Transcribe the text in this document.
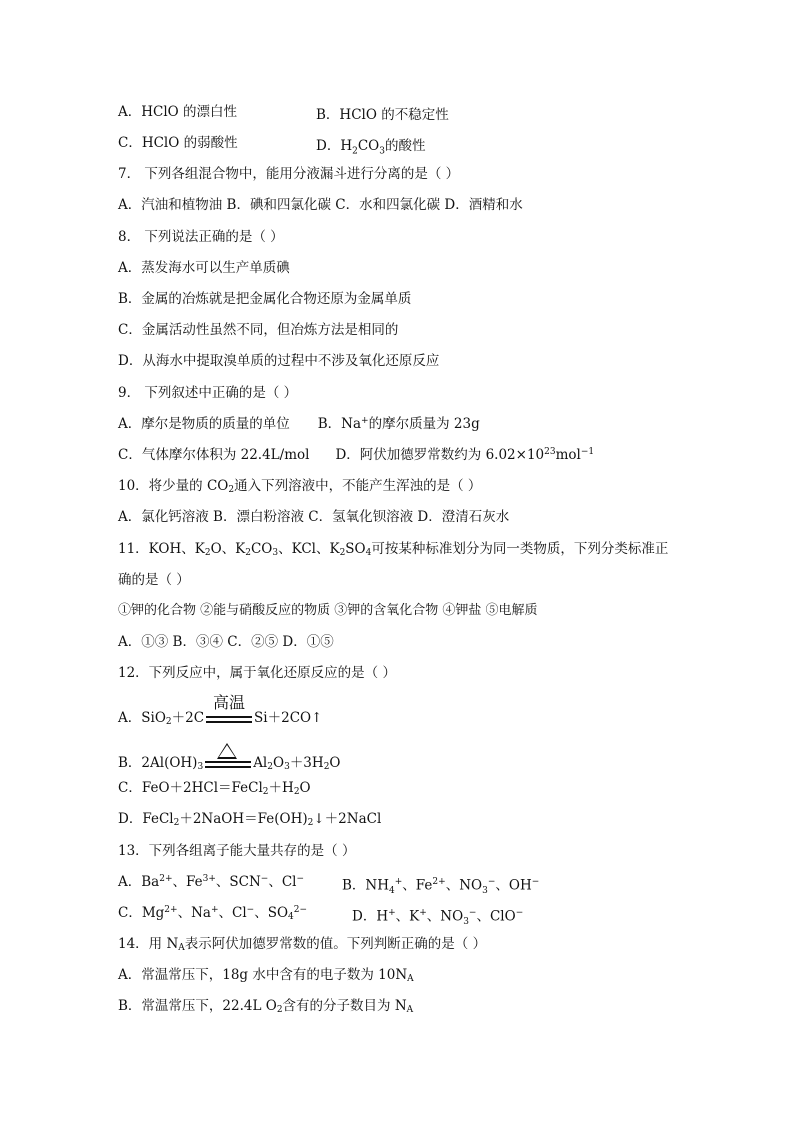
A．HClO 的漂白性	B．HClO 的不稳定性
C．HClO 的弱酸性	D．$H_2CO_3$的酸性
7． 下列各组混合物中，能用分液漏斗进行分离的是（ ）
A．汽油和植物油 B．碘和四氯化碳 C．水和四氯化碳 D．酒精和水
8． 下列说法正确的是（ ）
A．蒸发海水可以生产单质碘
B．金属的冶炼就是把金属化合物还原为金属单质
C．金属活动性虽然不同，但冶炼方法是相同的
D．从海水中提取溴单质的过程中不涉及氧化还原反应
9． 下列叙述中正确的是（ ）
A．摩尔是物质的质量的单位 B．Na+的摩尔质量为 23g
C．气体摩尔体积为 22.4L/mol D．阿伏加德罗常数约为 $6.02\times 10^{23}mol^{-1}$
10．将少量的 $CO_2$通入下列溶液中，不能产生浑浊的是（ ）
A．氯化钙溶液 B．漂白粉溶液 C．氢氧化钡溶液 D．澄清石灰水
11．KOH、$K_2O$、$K_2CO_3$、KCl、$K_2SO_4$可按某种标准划分为同一类物质，下列分类标准正
确的是（ ）
①钾的化合物 ②能与硝酸反应的物质 ③钾的含氧化合物 ④钾盐 ⑤电解质
A．①③ B．③④ C．②⑤ D．①⑤
12．下列反应中，属于氧化还原反应的是（ ）
A．SiO$_2$＋2C
高温
Si＋2CO↑
B．$2Al(OH)_3$	$Al_2O_3+3H_2O$
C．$FeO+2HCl=FeCl_2+H_2O$
D．$FeCl_2+2NaOH=Fe(OH)_2↓+2NaCl$
13．下列各组离子能大量共存的是（ ）
A．$Ba^{2+}$、$Fe^{3+}$、SCN−、Cl−	B．$NH_4^+$、$Fe^{2+}$、$NO_3^-$、OH−
C．$Mg^{2+}$、Na+、Cl−、$SO_4^{2-}$	D．H+、K+、$NO_3^-$、ClO−
14．用 $N_A$表示阿伏加德罗常数的值。下列判断正确的是（ ）
A．常温常压下，18g 水中含有的电子数为 $10N_A$
B．常温常压下，22.4L $O_2$含有的分子数目为 $N_A$
